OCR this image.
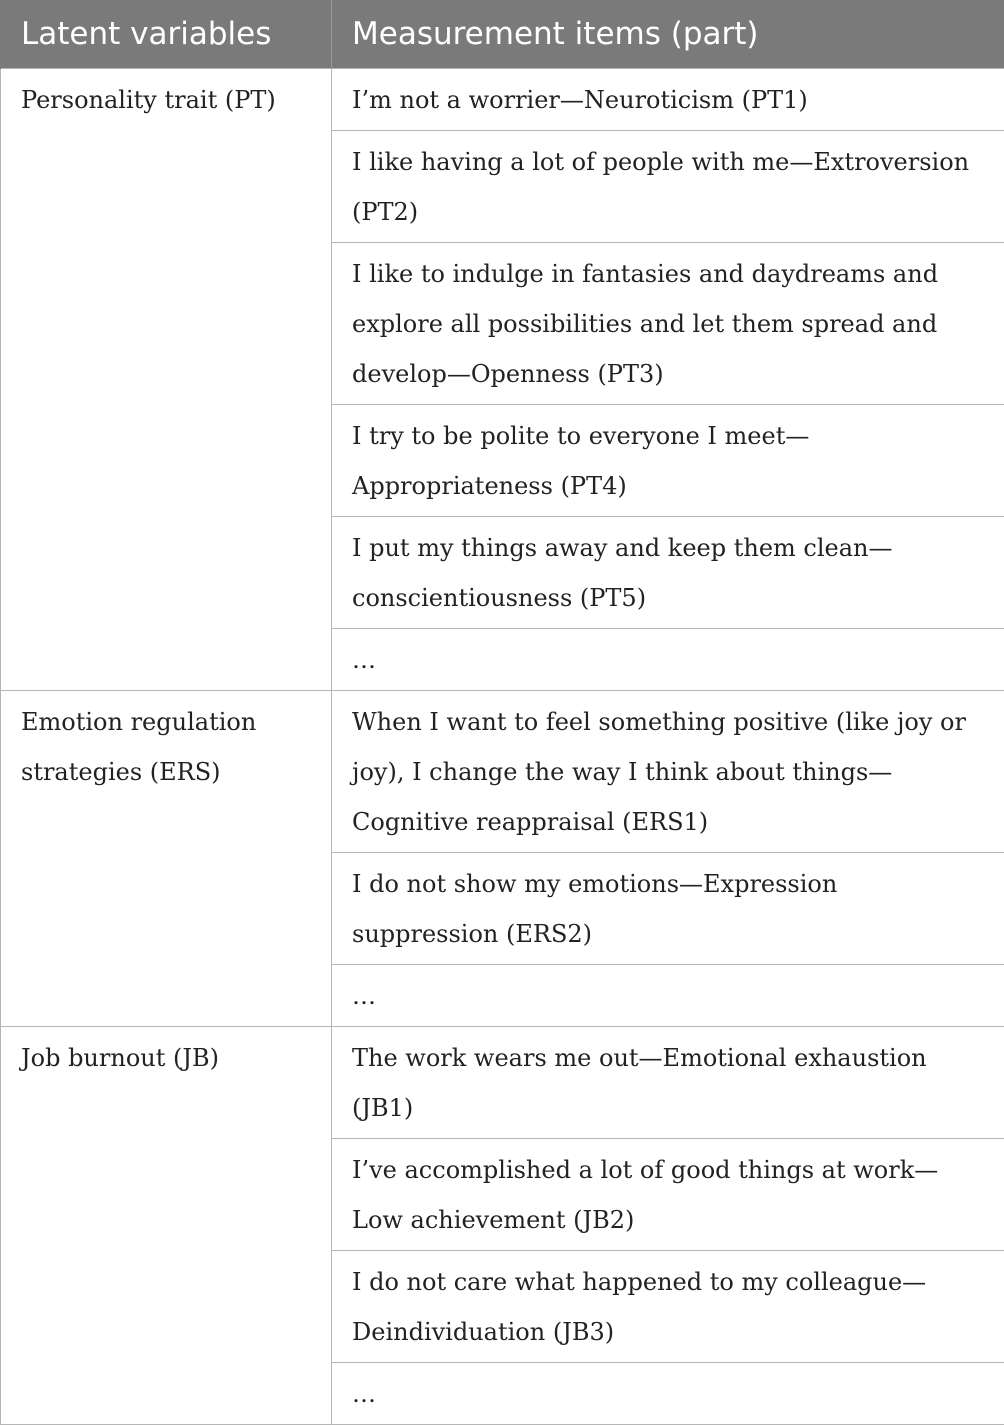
Latent variables	Measurement items (part)
Personality trait (PT)	I’m not a worrier—Neuroticism (PT1)
	I like having a lot of people with me—Extroversion (PT2)
	I like to indulge in fantasies and daydreams and explore all possibilities and let them spread and develop—Openness (PT3)
	I try to be polite to everyone I meet—Appropriateness (PT4)
	I put my things away and keep them clean—conscientiousness (PT5)
	…
Emotion regulation strategies (ERS)	When I want to feel something positive (like joy or joy), I change the way I think about things—Cognitive reappraisal (ERS1)
	I do not show my emotions—Expression suppression (ERS2)
	…
Job burnout (JB)	The work wears me out—Emotional exhaustion (JB1)
	I’ve accomplished a lot of good things at work—Low achievement (JB2)
	I do not care what happened to my colleague—Deindividuation (JB3)
	…
